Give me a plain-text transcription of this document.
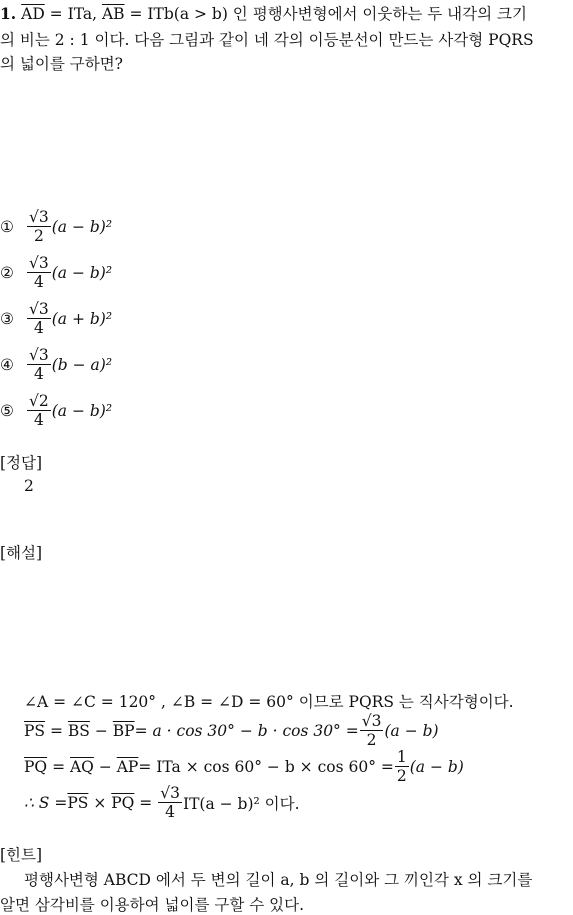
1. $\overline{AD}$ = ITa, $\overline{AB} = ITb(a > b)$ 인 평행사변형에서 이웃하는 두 내각의 크기
의 비는 2 : 1 이다. 다음 그림과 같이 네 각의 이등분선이 만드는 사각형 PQRS
의 넓이를 구하면?
① $\frac{√3}{2} (a - b)^2$
② $\frac{√3}{4} (a - b)^2$
③ $\frac{√3}{4} (a + b)^2$
④ $\frac{√3}{4} (b - a)^2$
⑤ $\frac{√2}{4} (a - b)^2$
[정답]
2
[해설]
∠A = ∠C = 120° , ∠B = ∠D = 60° 이므로 PQRS 는 직사각형이다.
$\overline{PS} = \overline{BS} - \overline{BP} = a \cdot \cos 30^\circ - b \cdot \cos 30^\circ = \frac{√3}{2} (a - b)$
$\overline{PQ} = \overline{AQ} - \overline{AP}$ = ITa × $\cos 60^\circ - b \times \cos 60^\circ = \frac{1}{2} (a - b)$
∴ $S = \overline{PS} \times \overline{PQ} = \frac{√3}{4} IT(a - b)^2$ 이다.
[힌트]
평행사변형 ABCD 에서 두 변의 길이 a, b 의 길이와 그 끼인각 x 의 크기를
알면 삼각비를 이용하여 넓이를 구할 수 있다.
